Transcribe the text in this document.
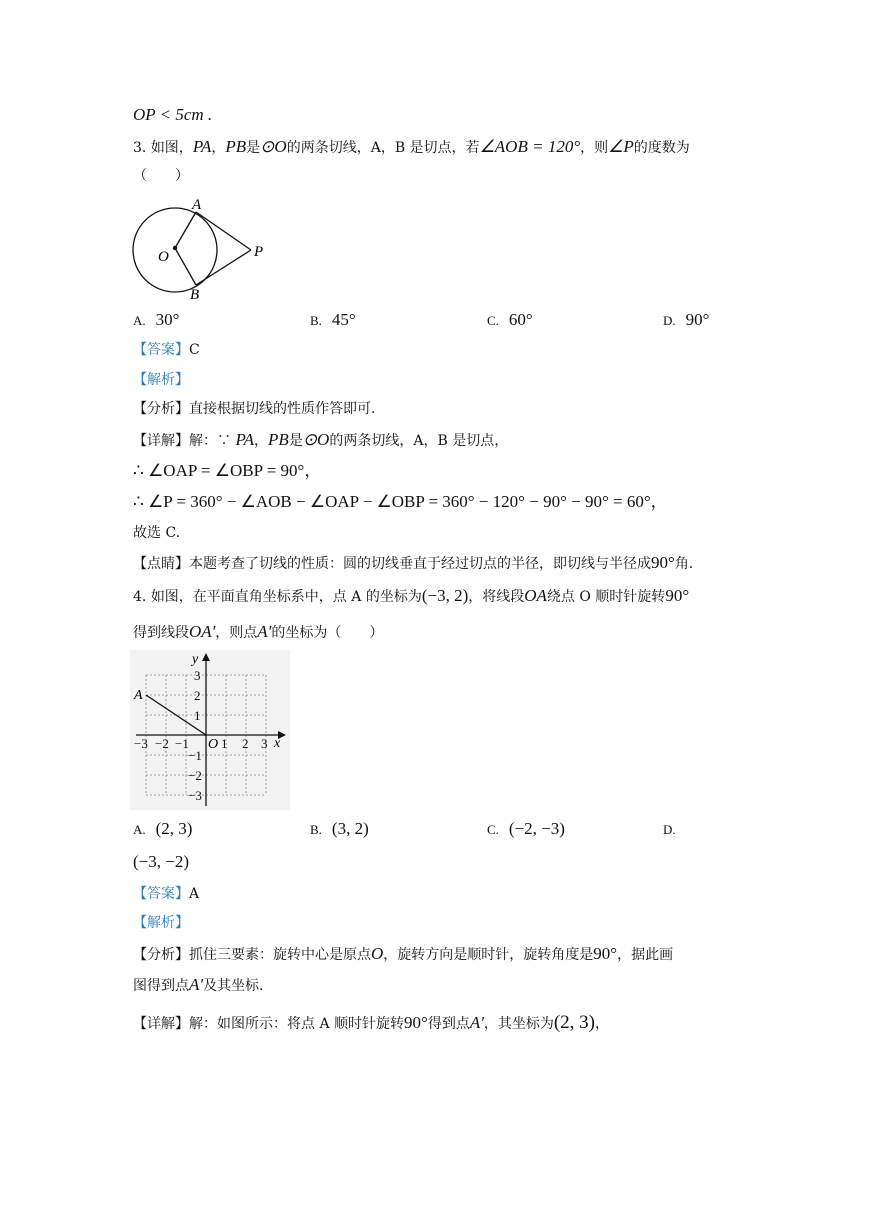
OP < 5cm .
3. 如图，PA，PB是⊙O的两条切线，A，B 是切点，若∠AOB = 120°，则∠P的度数为
（　　）
A
O	P
B
A. 30°	B. 45°	C. 60°	D. 90°
【答案】C
【解析】
【分析】直接根据切线的性质作答即可.
【详解】解：∵ PA，PB是⊙O的两条切线，A，B 是切点，
∴ ∠OAP = ∠OBP = 90°，
∴ ∠P = 360° − ∠AOB − ∠OAP − ∠OBP = 360° − 120° − 90° − 90° = 60°，
故选 C.
【点睛】本题考查了切线的性质：圆的切线垂直于经过切点的半径，即切线与半径成90°角.
4. 如图，在平面直角坐标系中，点 A 的坐标为(−3, 2)，将线段OA绕点 O 顺时针旋转90°
得到线段OA'，则点A'的坐标为（　　）
A
y
x
O
−3 −2 −1 1 2 3
3
2
1
−1
−2
−3
A. (2, 3)	B. (3, 2)	C. (−2, −3)	D.
(−3, −2)
【答案】A
【解析】
【分析】抓住三要素：旋转中心是原点O，旋转方向是顺时针，旋转角度是90°，据此画
图得到点A'及其坐标.
【详解】解：如图所示：将点 A 顺时针旋转90°得到点A'，其坐标为(2, 3)，
